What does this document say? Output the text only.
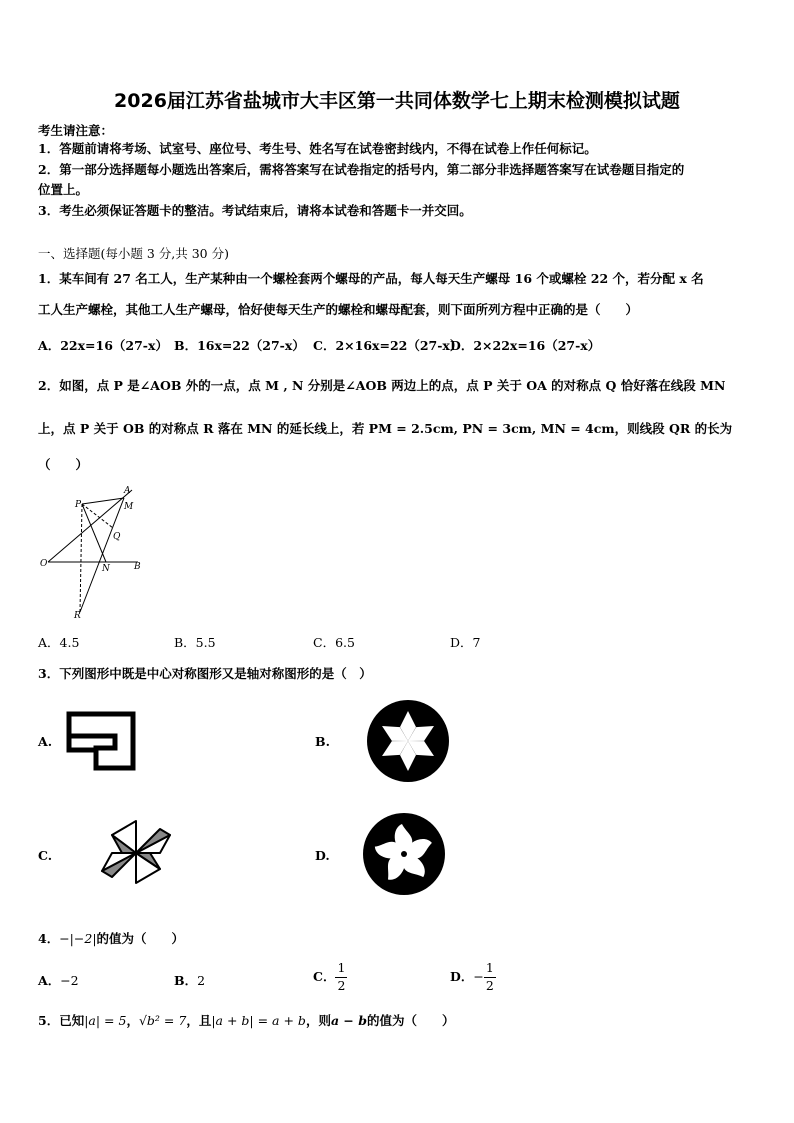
2026届江苏省盐城市大丰区第一共同体数学七上期末检测模拟试题
考生请注意：
1．答题前请将考场、试室号、座位号、考生号、姓名写在试卷密封线内，不得在试卷上作任何标记。
2．第一部分选择题每小题选出答案后，需将答案写在试卷指定的括号内，第二部分非选择题答案写在试卷题目指定的
位置上。
3．考生必须保证答题卡的整洁。考试结束后，请将本试卷和答题卡一并交回。
一、选择题(每小题 3 分,共 30 分)
1．某车间有 27 名工人，生产某种由一个螺栓套两个螺母的产品，每人每天生产螺母 16 个或螺栓 22 个，若分配 x 名
工人生产螺栓，其他工人生产螺母，恰好使每天生产的螺栓和螺母配套，则下面所列方程中正确的是（　　）
A．22x=16（27-x） B．16x=22（27-x） C．2×16x=22（27-x）
D．2×22x=16（27-x）
2．如图，点 P 是∠AOB 外的一点，点 M , N 分别是∠AOB 两边上的点，点 P 关于 OA 的对称点 Q 恰好落在线段 MN
上，点 P 关于 OB 的对称点 R 落在 MN 的延长线上，若 PM = 2.5cm, PN = 3cm, MN = 4cm，则线段 QR 的长为
（　　）
P
A
M
Q
O	N	B
R
A．4.5	B．5.5	C．6.5	D．7
3．下列图形中既是中心对称图形又是轴对称图形的是（　）
A.	B.
C.	D.
4．−|−2|的值为（　　）
A．−2	B．2	C． $\frac{1}{2}$	D．− $\frac{1}{2}$
5．已知|a| = 5，√b² = 7，且|a + b| = a + b，则a − b的值为（　　）
